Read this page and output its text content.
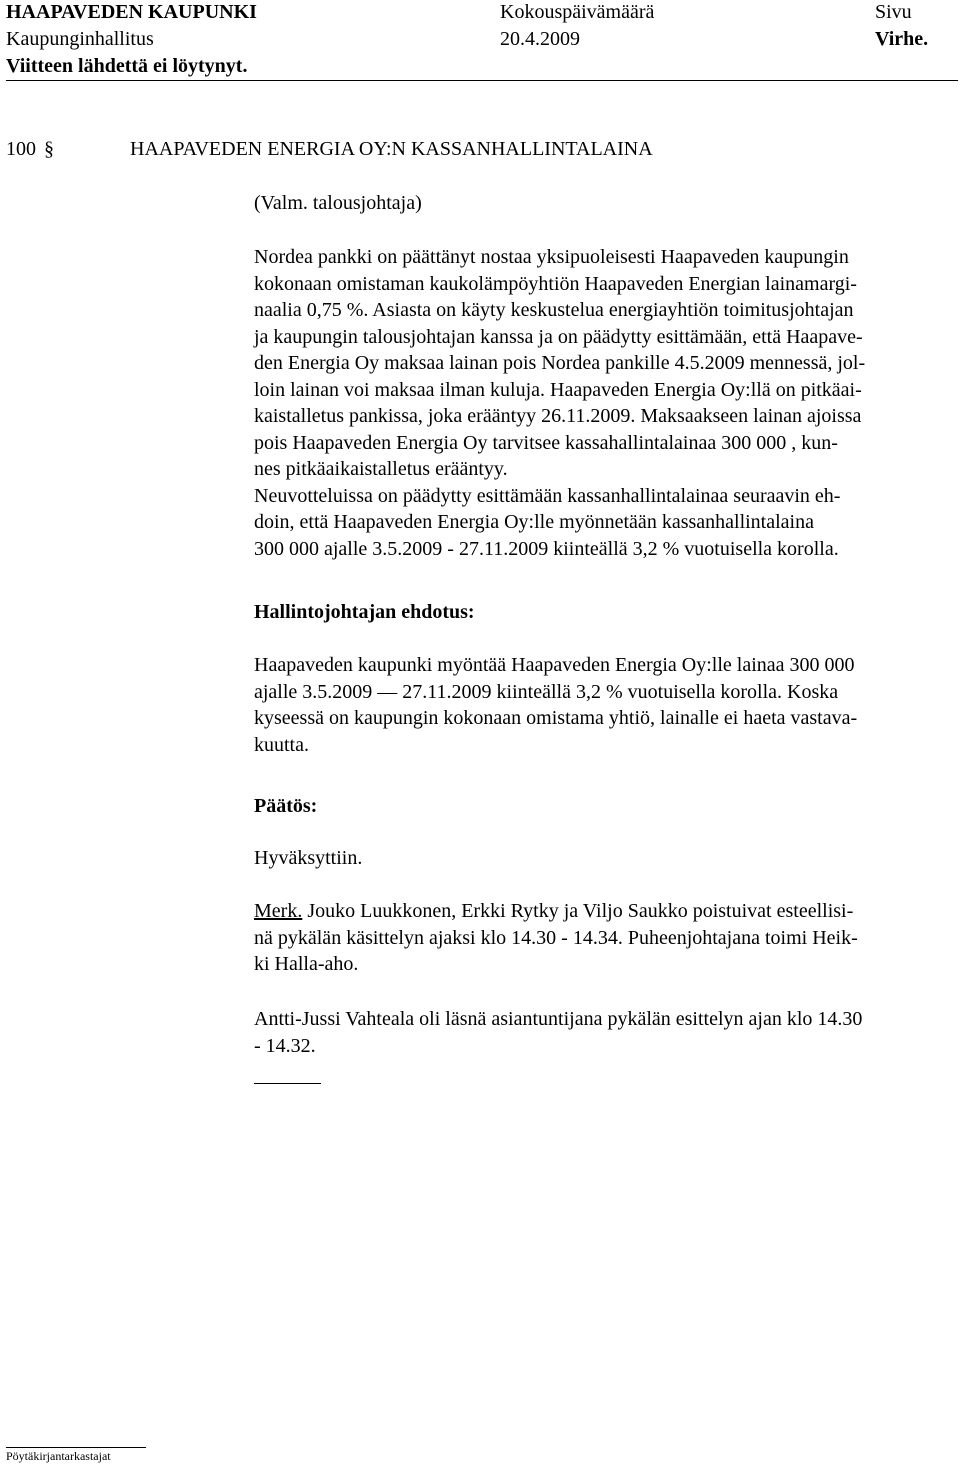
HAAPAVEDEN KAUPUNKI	Kokouspäivämäärä	Sivu
Kaupunginhallitus	20.4.2009	Virhe.
Viitteen lähdettä ei löytynyt.
100 §	HAAPAVEDEN ENERGIA OY:N KASSANHALLINTALAINA
(Valm. talousjohtaja)
Nordea pankki on päättänyt nostaa yksipuoleisesti Haapaveden kaupungin
kokonaan omistaman kaukolämpöyhtiön Haapaveden Energian lainamargi-
naalia 0,75 %. Asiasta on käyty keskustelua energiayhtiön toimitusjohtajan
ja kaupungin talousjohtajan kanssa ja on päädytty esittämään, että Haapave-
den Energia Oy maksaa lainan pois Nordea pankille 4.5.2009 mennessä, jol-
loin lainan voi maksaa ilman kuluja. Haapaveden Energia Oy:llä on pitkäai-
kaistalletus pankissa, joka erääntyy 26.11.2009. Maksaakseen lainan ajoissa
pois Haapaveden Energia Oy tarvitsee kassahallintalainaa 300 000 , kun-
nes pitkäaikaistalletus erääntyy.
Neuvotteluissa on päädytty esittämään kassanhallintalainaa seuraavin eh-
doin, että Haapaveden Energia Oy:lle myönnetään kassanhallintalaina
300 000 ajalle 3.5.2009 - 27.11.2009 kiinteällä 3,2 % vuotuisella korolla.
Hallintojohtajan ehdotus:
Haapaveden kaupunki myöntää Haapaveden Energia Oy:lle lainaa 300 000
ajalle 3.5.2009 — 27.11.2009 kiinteällä 3,2 % vuotuisella korolla. Koska
kyseessä on kaupungin kokonaan omistama yhtiö, lainalle ei haeta vastava-
kuutta.
Päätös:
Hyväksyttiin.
Merk. Jouko Luukkonen, Erkki Rytky ja Viljo Saukko poistuivat esteellisi-
nä pykälän käsittelyn ajaksi klo 14.30 - 14.34. Puheenjohtajana toimi Heik-
ki Halla-aho.
Antti-Jussi Vahteala oli läsnä asiantuntijana pykälän esittelyn ajan klo 14.30
- 14.32.
Pöytäkirjantarkastajat
